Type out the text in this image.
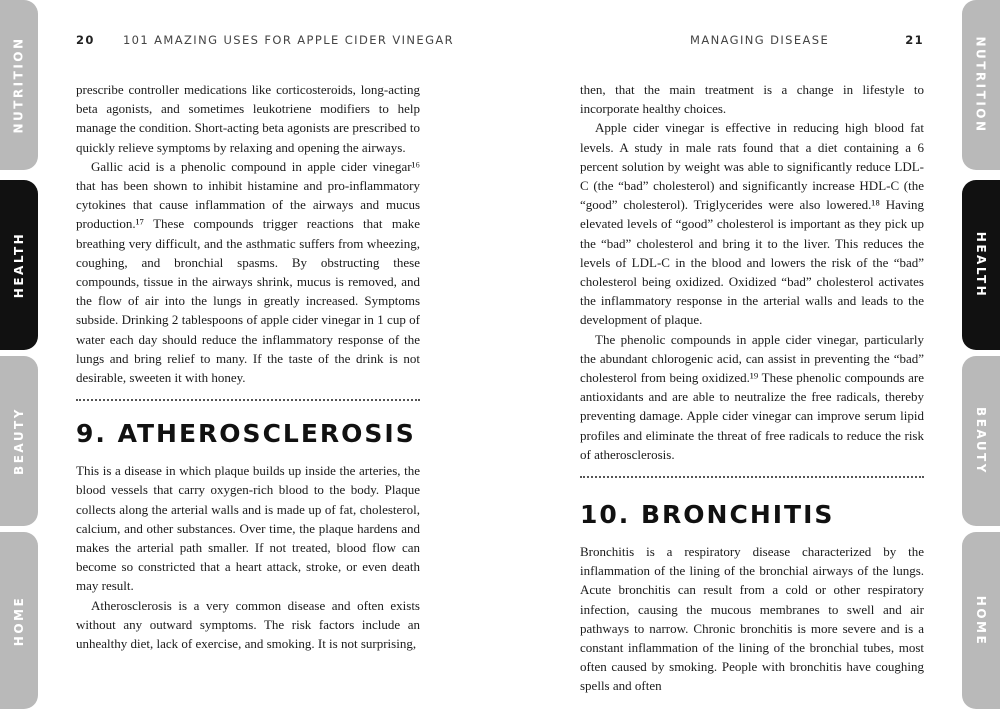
NUTRITION
HEALTH
BEAUTY
HOME
NUTRITION
HEALTH
BEAUTY
HOME
20 101 AMAZING USES FOR APPLE CIDER VINEGAR	MANAGING DISEASE	21

prescribe controller medications like corticosteroids, long-acting beta agonists, and sometimes leukotriene modifiers to help manage the condition. Short-acting beta agonists are prescribed to quickly relieve symptoms by relaxing and opening the airways.

Gallic acid is a phenolic compound in apple cider vinegar¹⁶ that has been shown to inhibit histamine and pro-inflammatory cytokines that cause inflammation of the airways and mucus production.¹⁷ These compounds trigger reactions that make breathing very difficult, and the asthmatic suffers from wheezing, coughing, and bronchial spasms. By obstructing these compounds, tissue in the airways shrink, mucus is removed, and the flow of air into the lungs in greatly increased. Symptoms subside. Drinking 2 tablespoons of apple cider vinegar in 1 cup of water each day should reduce the inflammatory response of the lungs and bring relief to many. If the taste of the drink is not desirable, sweeten it with honey.

9. ATHEROSCLEROSIS

This is a disease in which plaque builds up inside the arteries, the blood vessels that carry oxygen-rich blood to the body. Plaque collects along the arterial walls and is made up of fat, cholesterol, calcium, and other substances. Over time, the plaque hardens and makes the arterial path smaller. If not treated, blood flow can become so constricted that a heart attack, stroke, or even death may result.

Atherosclerosis is a very common disease and often exists without any outward symptoms. The risk factors include an unhealthy diet, lack of exercise, and smoking. It is not surprising,

then, that the main treatment is a change in lifestyle to incorporate healthy choices.

Apple cider vinegar is effective in reducing high blood fat levels. A study in male rats found that a diet containing a 6 percent solution by weight was able to significantly reduce LDL-C (the “bad” cholesterol) and significantly increase HDL-C (the “good” cholesterol). Triglycerides were also lowered.¹⁸ Having elevated levels of “good” cholesterol is important as they pick up the “bad” cholesterol and bring it to the liver. This reduces the levels of LDL-C in the blood and lowers the risk of the “bad” cholesterol being oxidized. Oxidized “bad” cholesterol activates the inflammatory response in the arterial walls and leads to the development of plaque.

The phenolic compounds in apple cider vinegar, particularly the abundant chlorogenic acid, can assist in preventing the “bad” cholesterol from being oxidized.¹⁹ These phenolic compounds are antioxidants and are able to neutralize the free radicals, thereby preventing damage. Apple cider vinegar can improve serum lipid profiles and eliminate the threat of free radicals to reduce the risk of atherosclerosis.

10. BRONCHITIS

Bronchitis is a respiratory disease characterized by the inflammation of the lining of the bronchial airways of the lungs. Acute bronchitis can result from a cold or other respiratory infection, causing the mucous membranes to swell and air pathways to narrow. Chronic bronchitis is more severe and is a constant inflammation of the lining of the bronchial tubes, most often caused by smoking. People with bronchitis have coughing spells and often
